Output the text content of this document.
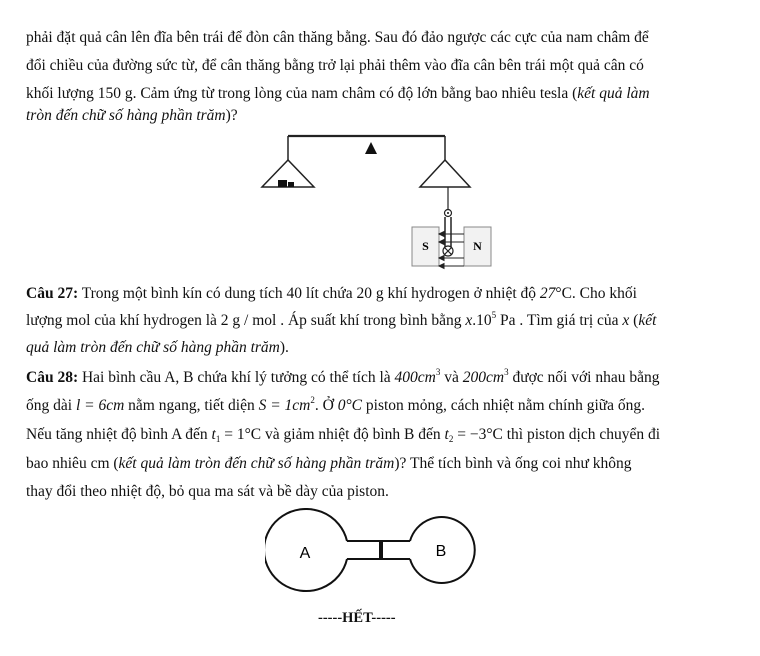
phải đặt quả cân lên đĩa bên trái để đòn cân thăng bằng. Sau đó đảo ngược các cực của nam châm để
đổi chiều của đường sức từ, để cân thăng bằng trở lại phải thêm vào đĩa cân bên trái một quả cân có
khối lượng 150 g. Cảm ứng từ trong lòng của nam châm có độ lớn bằng bao nhiêu tesla (kết quả làm
tròn đến chữ số hàng phần trăm)?
S	N
Câu 27: Trong một bình kín có dung tích 40 lít chứa 20 g khí hydrogen ở nhiệt độ 27°C. Cho khối
lượng mol của khí hydrogen là 2 g / mol . Áp suất khí trong bình bằng $x.10^5$ Pa . Tìm giá trị của x (kết
quả làm tròn đến chữ số hàng phần trăm).
Câu 28: Hai bình cầu A, B chứa khí lý tưởng có thể tích là $400cm^3$ và $200cm^3$ được nối với nhau bằng
ống dài l = 6cm nằm ngang, tiết diện $S = 1cm^2$. Ở 0°C piston mỏng, cách nhiệt nằm chính giữa ống.
Nếu tăng nhiệt độ bình A đến $t_1 = 1^\circ C$ và giảm nhiệt độ bình B đến $t_2 = -3^\circ C$ thì piston dịch chuyển đi
bao nhiêu cm (kết quả làm tròn đến chữ số hàng phần trăm)? Thể tích bình và ống coi như không
thay đổi theo nhiệt độ, bỏ qua ma sát và bề dày của piston.
A	B
-----HẾT-----
